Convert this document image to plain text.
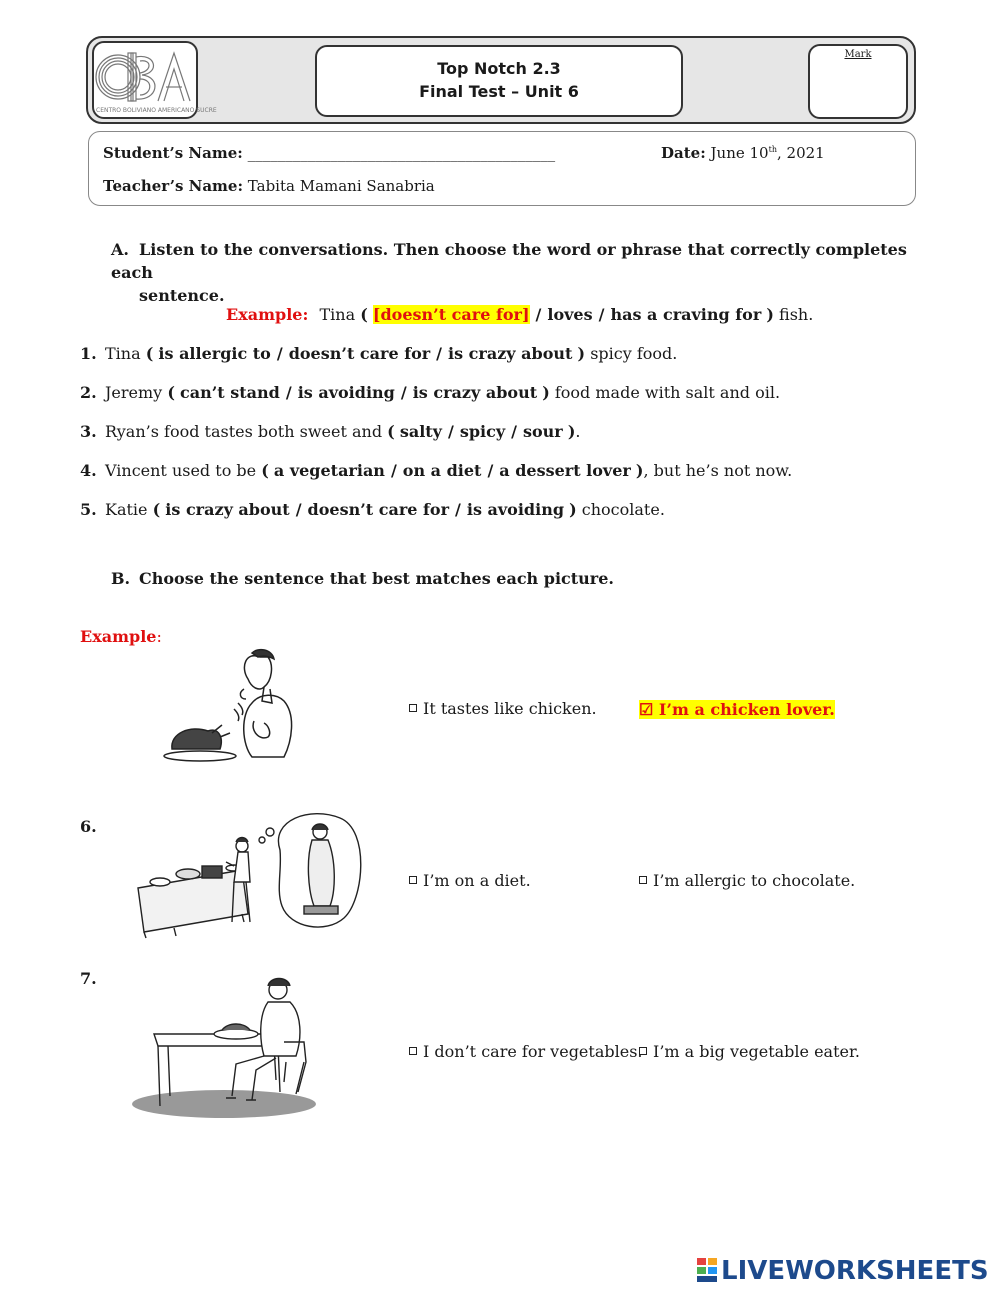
CENTRO BOLIVIANO AMERICANO SUCRE
Top Notch 2.3
Final Test – Unit 6
Mark
Student’s Name: _________________________________________	Date: June 10th, 2021
Teacher’s Name: Tabita Mamani Sanabria
A. Listen to the conversations. Then choose the word or phrase that correctly completes each
sentence.
Example: Tina ( [doesn’t care for] / loves / has a craving for ) fish.
1. Tina ( is allergic to / doesn’t care for / is crazy about ) spicy food.
2. Jeremy ( can’t stand / is avoiding / is crazy about ) food made with salt and oil.
3. Ryan’s food tastes both sweet and ( salty / spicy / sour ).
4. Vincent used to be ( a vegetarian / on a diet / a dessert lover ), but he’s not now.
5. Katie ( is crazy about / doesn’t care for / is avoiding ) chocolate.
B. Choose the sentence that best matches each picture.
Example:
It tastes like chicken.	☑ I’m a chicken lover.
6.
I’m on a diet.	I’m allergic to chocolate.
7.
I don’t care for vegetables. I’m a big vegetable eater.
LIVEWORKSHEETS
